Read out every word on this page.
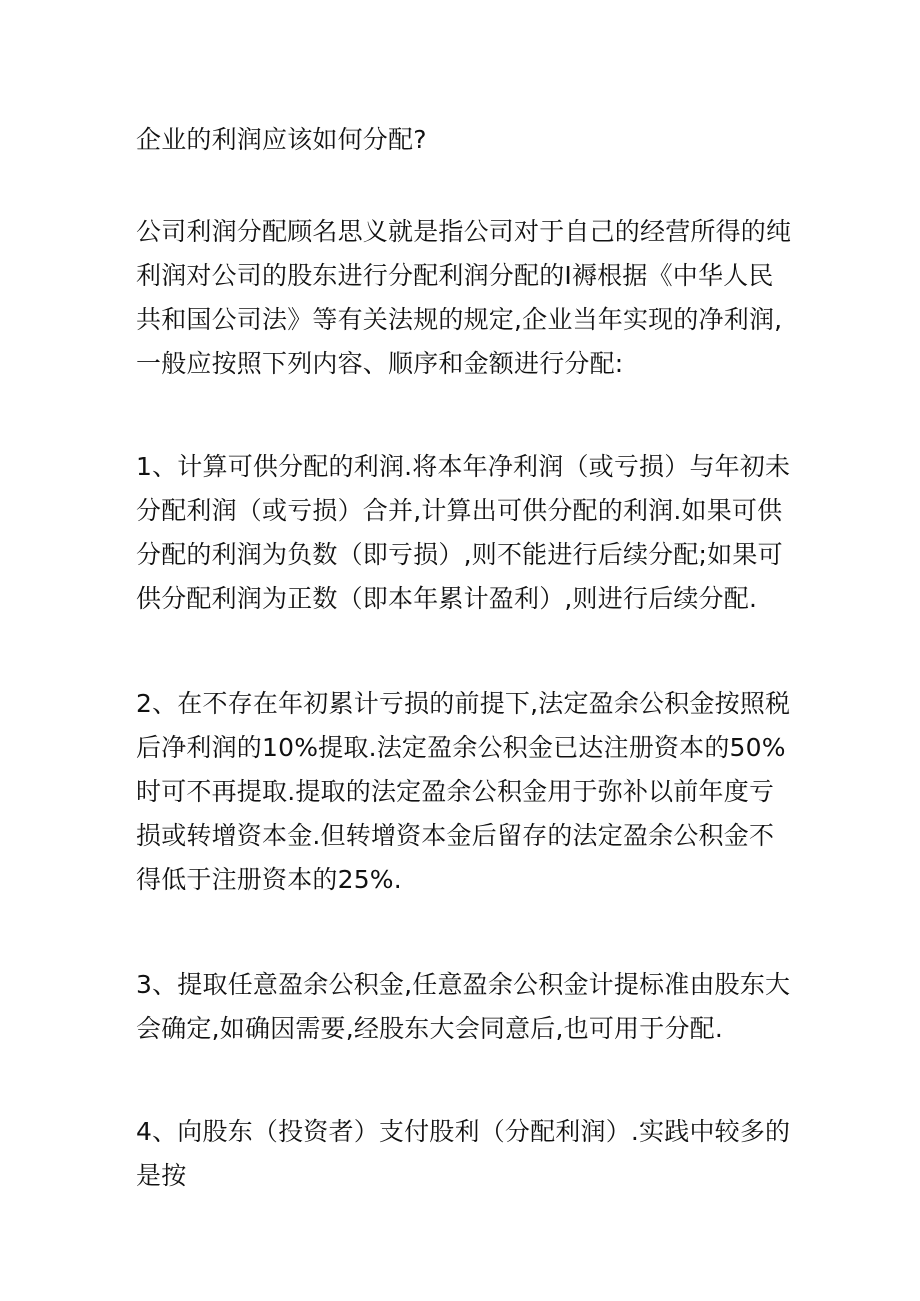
企业的利润应该如何分配?

公司利润分配顾名思义就是指公司对于自己的经营所得的纯利润对公司的股东进行分配利润分配的I褥根据《中华人民共和国公司法》等有关法规的规定,企业当年实现的净利润,一般应按照下列内容、顺序和金额进行分配:

1、计算可供分配的利润.将本年净利润（或亏损）与年初未分配利润（或亏损）合并,计算出可供分配的利润.如果可供分配的利润为负数（即亏损）,则不能进行后续分配;如果可供分配利润为正数（即本年累计盈利）,则进行后续分配.

2、在不存在年初累计亏损的前提下,法定盈余公积金按照税后净利润的10%提取.法定盈余公积金已达注册资本的50%时可不再提取.提取的法定盈余公积金用于弥补以前年度亏损或转增资本金.但转增资本金后留存的法定盈余公积金不得低于注册资本的25%.

3、提取任意盈余公积金,任意盈余公积金计提标准由股东大会确定,如确因需要,经股东大会同意后,也可用于分配.

4、向股东（投资者）支付股利（分配利润）.实践中较多的是按
